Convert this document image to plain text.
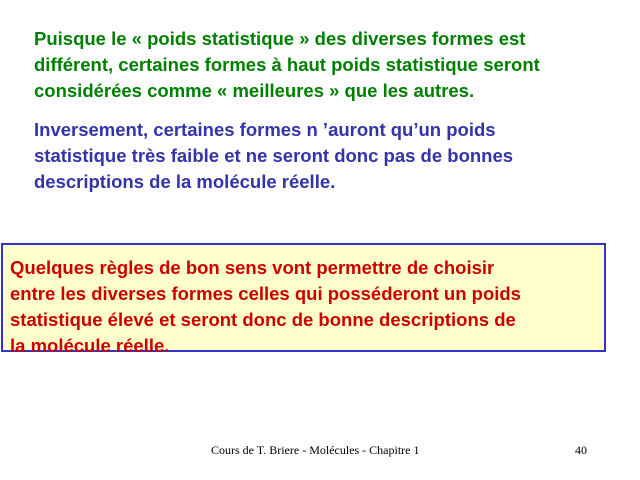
Puisque le « poids statistique » des diverses formes est
différent, certaines formes à haut poids statistique seront
considérées comme « meilleures » que les autres.
Inversement, certaines formes n ’auront qu’un poids
statistique très faible et ne seront donc pas de bonnes
descriptions de la molécule réelle.
Quelques règles de bon sens vont permettre de choisir
entre les diverses formes celles qui posséderont un poids
statistique élevé et seront donc de bonne descriptions de
la molécule réelle.
Cours de T. Briere - Molécules - Chapitre 1	40
